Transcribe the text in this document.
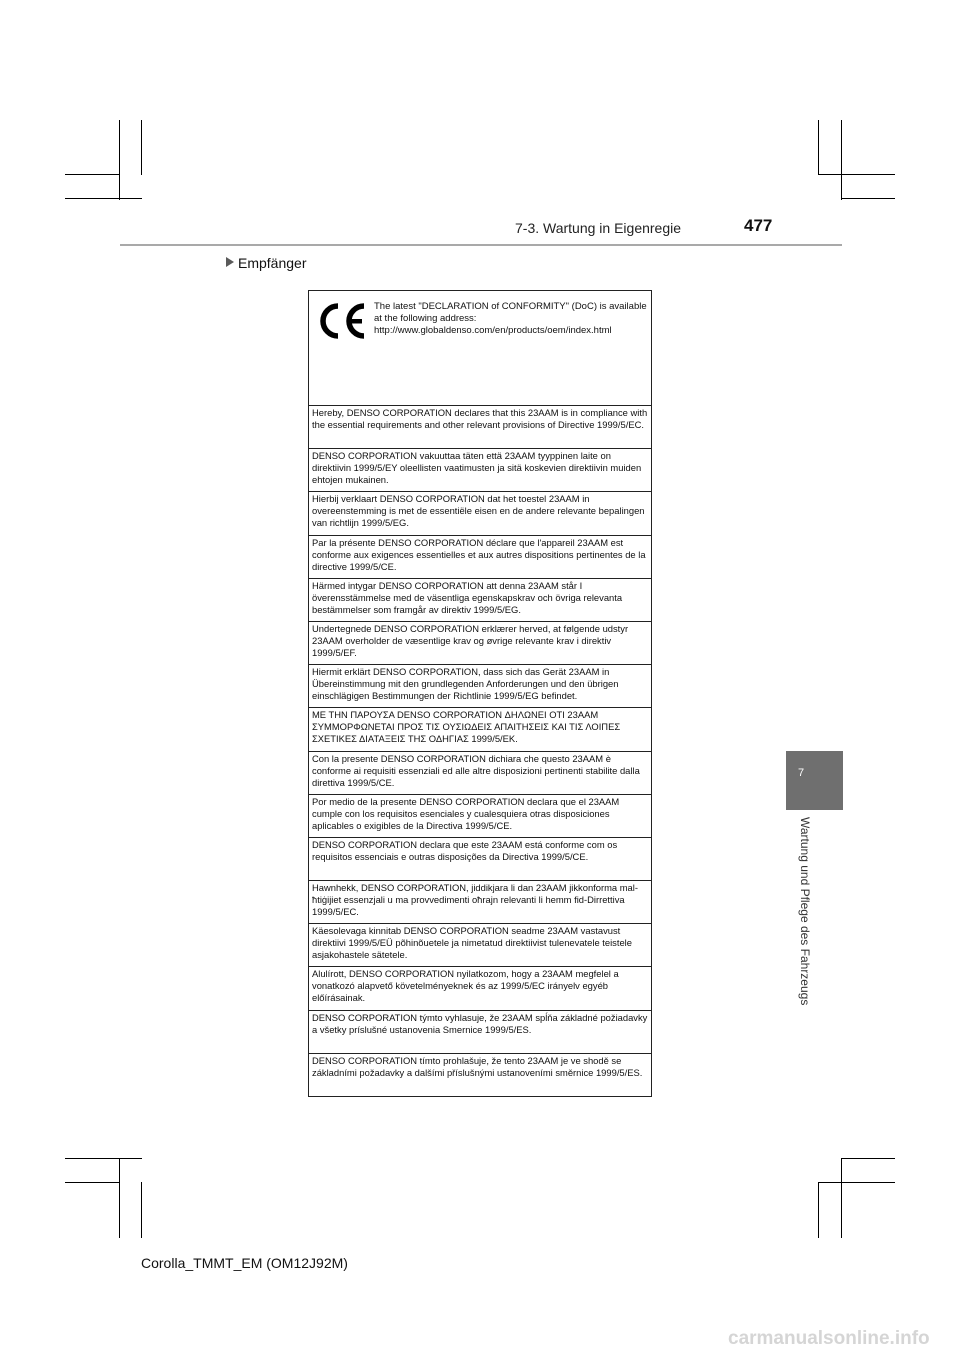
7-3. Wartung in Eigenregie	477
7
Wartung und Pflege des Fahrzeugs
Empfänger
The latest "DECLARATION of CONFORMITY" (DoC) is available at the following address: http://www.globaldenso.com/en/products/oem/index.html
Hereby, DENSO CORPORATION declares that this 23AAM is in compliance with the essential requirements and other relevant provisions of Directive 1999/5/EC.
DENSO CORPORATION vakuuttaa täten että 23AAM tyyppinen laite on direktiivin 1999/5/EY oleellisten vaatimusten ja sitä koskevien direktiivin muiden ehtojen mukainen.
Hierbij verklaart DENSO CORPORATION dat het toestel 23AAM in overeenstemming is met de essentiële eisen en de andere relevante bepalingen van richtlijn 1999/5/EG.
Par la présente DENSO CORPORATION déclare que l'appareil 23AAM est conforme aux exigences essentielles et aux autres dispositions pertinentes de la directive 1999/5/CE.
Härmed intygar DENSO CORPORATION att denna 23AAM står I överensstämmelse med de väsentliga egenskapskrav och övriga relevanta bestämmelser som framgår av direktiv 1999/5/EG.
Undertegnede DENSO CORPORATION erklærer herved, at følgende udstyr 23AAM overholder de væsentlige krav og øvrige relevante krav i direktiv 1999/5/EF.
Hiermit erklärt DENSO CORPORATION, dass sich das Gerät 23AAM in Übereinstimmung mit den grundlegenden Anforderungen und den übrigen einschlägigen Bestimmungen der Richtlinie 1999/5/EG befindet.
ΜΕ ΤΗΝ ΠΑΡΟΥΣΑ DENSO CORPORATION ΔΗΛΩΝΕΙ ΟΤΙ 23AAM ΣΥΜΜΟΡΦΩΝΕΤΑΙ ΠΡΟΣ ΤΙΣ ΟΥΣΙΩΔΕΙΣ ΑΠΑΙΤΗΣΕΙΣ ΚΑΙ ΤΙΣ ΛΟΙΠΕΣ ΣΧΕΤΙΚΕΣ ΔΙΑΤΑΞΕΙΣ ΤΗΣ ΟΔΗΓΙΑΣ 1999/5/ΕΚ.
Con la presente DENSO CORPORATION dichiara che questo 23AAM è conforme ai requisiti essenziali ed alle altre disposizioni pertinenti stabilite dalla direttiva 1999/5/CE.
Por medio de la presente DENSO CORPORATION declara que el 23AAM cumple con los requisitos esenciales y cualesquiera otras disposiciones aplicables o exigibles de la Directiva 1999/5/CE.
DENSO CORPORATION declara que este 23AAM está conforme com os requisitos essenciais e outras disposições da Directiva 1999/5/CE.
Hawnhekk, DENSO CORPORATION, jiddikjara li dan 23AAM jikkonforma mal-ħtiġijiet essenzjali u ma provvedimenti oħrajn relevanti li hemm fid-Dirrettiva 1999/5/EC.
Käesolevaga kinnitab DENSO CORPORATION seadme 23AAM vastavust direktiivi 1999/5/EÜ põhinõuetele ja nimetatud direktiivist tulenevatele teistele asjakohastele sätetele.
Alulírott, DENSO CORPORATION nyilatkozom, hogy a 23AAM megfelel a vonatkozó alapvető követelményeknek és az 1999/5/EC irányelv egyéb előírásainak.
DENSO CORPORATION týmto vyhlasuje, že 23AAM spĺňa základné požiadavky a všetky príslušné ustanovenia Smernice 1999/5/ES.
DENSO CORPORATION tímto prohlašuje, že tento 23AAM je ve shodě se základními požadavky a dalšími příslušnými ustanoveními směrnice 1999/5/ES.
Corolla_TMMT_EM (OM12J92M)
carmanualsonline.info
